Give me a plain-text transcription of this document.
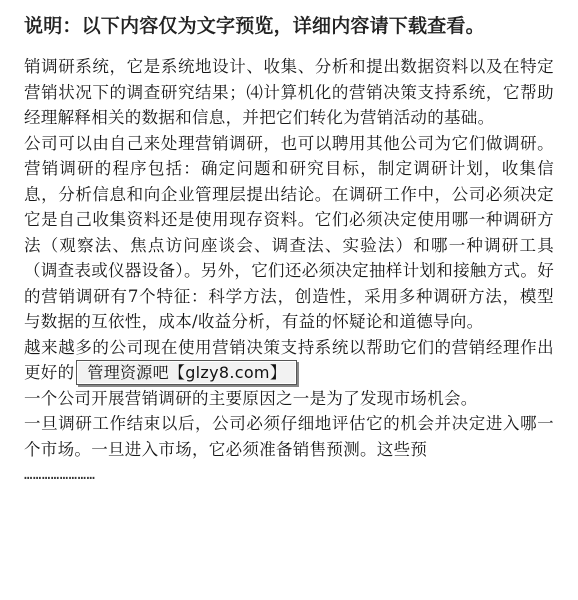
说明：以下内容仅为文字预览，详细内容请下载查看。

销调研系统，它是系统地设计、收集、分析和提出数据资料以及在特定营销状况下的调查研究结果；⑷计算机化的营销决策支持系统，它帮助经理解释相关的数据和信息，并把它们转化为营销活动的基础。

公司可以由自己来处理营销调研，也可以聘用其他公司为它们做调研。营销调研的程序包括：确定问题和研究目标，制定调研计划，收集信息，分析信息和向企业管理层提出结论。在调研工作中，公司必须决定它是自己收集资料还是使用现存资料。它们必须决定使用哪一种调研方法（观察法、焦点访问座谈会、调查法、实验法）和哪一种调研工具（调查表或仪器设备）。另外，它们还必须决定抽样计划和接触方式。好的营销调研有7个特征：科学方法，创造性，采用多种调研方法，模型与数据的互依性，成本/收益分析，有益的怀疑论和道德导向。

越来越多的公司现在使用营销决策支持系统以帮助它们的营销经理作出更好的 管理资源吧【glzy8.com】

一个公司开展营销调研的主要原因之一是为了发现市场机会。

一旦调研工作结束以后，公司必须仔细地评估它的机会并决定进入哪一个市场。一旦进入市场，它必须准备销售预测。这些预

……………………
